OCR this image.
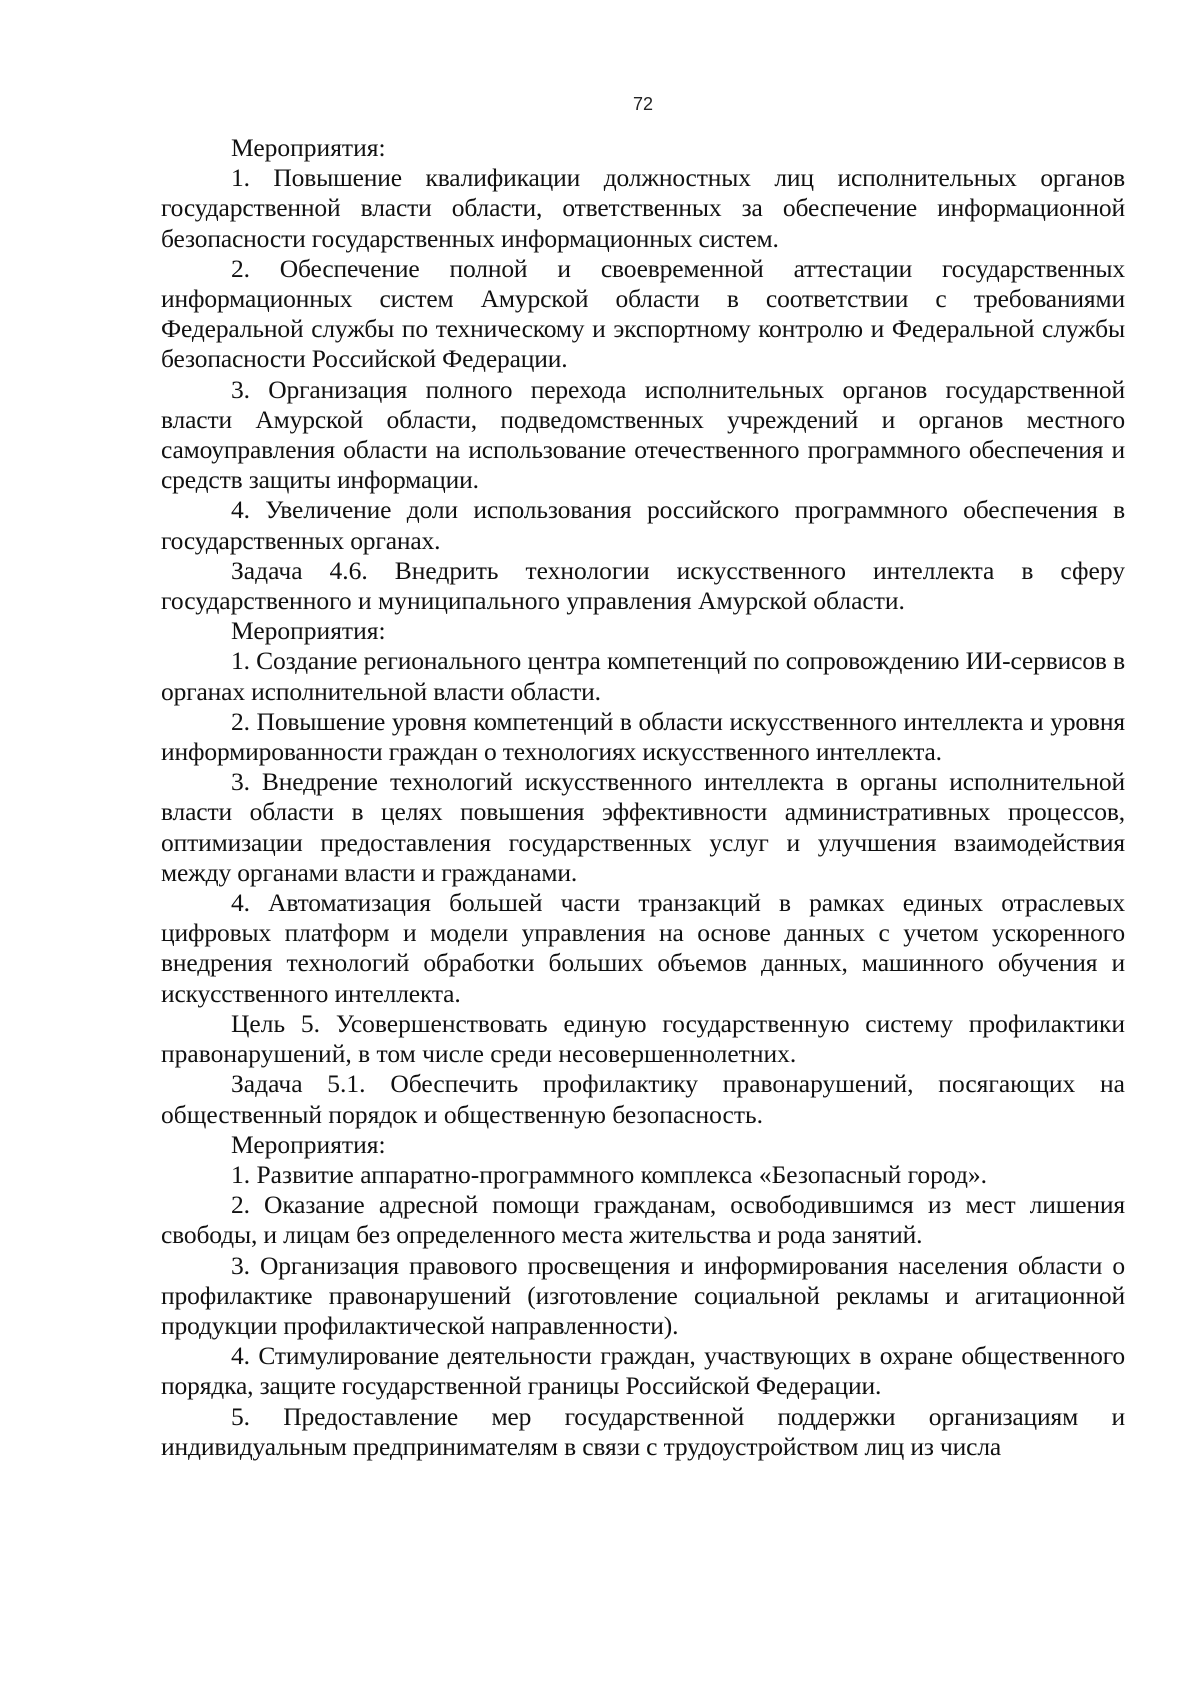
72

Мероприятия:

1. Повышение квалификации должностных лиц исполнительных органов государственной власти области, ответственных за обеспечение информационной безопасности государственных информационных систем.

2. Обеспечение полной и своевременной аттестации государственных информационных систем Амурской области в соответствии с требованиями Федеральной службы по техническому и экспортному контролю и Федеральной службы безопасности Российской Федерации.

3. Организация полного перехода исполнительных органов государственной власти Амурской области, подведомственных учреждений и органов местного самоуправления области на использование отечественного программного обеспечения и средств защиты информации.

4. Увеличение доли использования российского программного обеспечения в государственных органах.

Задача 4.6. Внедрить технологии искусственного интеллекта в сферу государственного и муниципального управления Амурской области.

Мероприятия:

1. Создание регионального центра компетенций по сопровождению ИИ-сервисов в органах исполнительной власти области.

2. Повышение уровня компетенций в области искусственного интеллекта и уровня информированности граждан о технологиях искусственного интеллекта.

3. Внедрение технологий искусственного интеллекта в органы исполнительной власти области в целях повышения эффективности административных процессов, оптимизации предоставления государственных услуг и улучшения взаимодействия между органами власти и гражданами.

4. Автоматизация большей части транзакций в рамках единых отраслевых цифровых платформ и модели управления на основе данных с учетом ускоренного внедрения технологий обработки больших объемов данных, машинного обучения и искусственного интеллекта.

Цель 5. Усовершенствовать единую государственную систему профилактики правонарушений, в том числе среди несовершеннолетних.

Задача 5.1. Обеспечить профилактику правонарушений, посягающих на общественный порядок и общественную безопасность.

Мероприятия:

1. Развитие аппаратно-программного комплекса «Безопасный город».

2. Оказание адресной помощи гражданам, освободившимся из мест лишения свободы, и лицам без определенного места жительства и рода занятий.

3. Организация правового просвещения и информирования населения области о профилактике правонарушений (изготовление социальной рекламы и агитационной продукции профилактической направленности).

4. Стимулирование деятельности граждан, участвующих в охране общественного порядка, защите государственной границы Российской Федерации.

5. Предоставление мер государственной поддержки организациям и индивидуальным предпринимателям в связи с трудоустройством лиц из числа
